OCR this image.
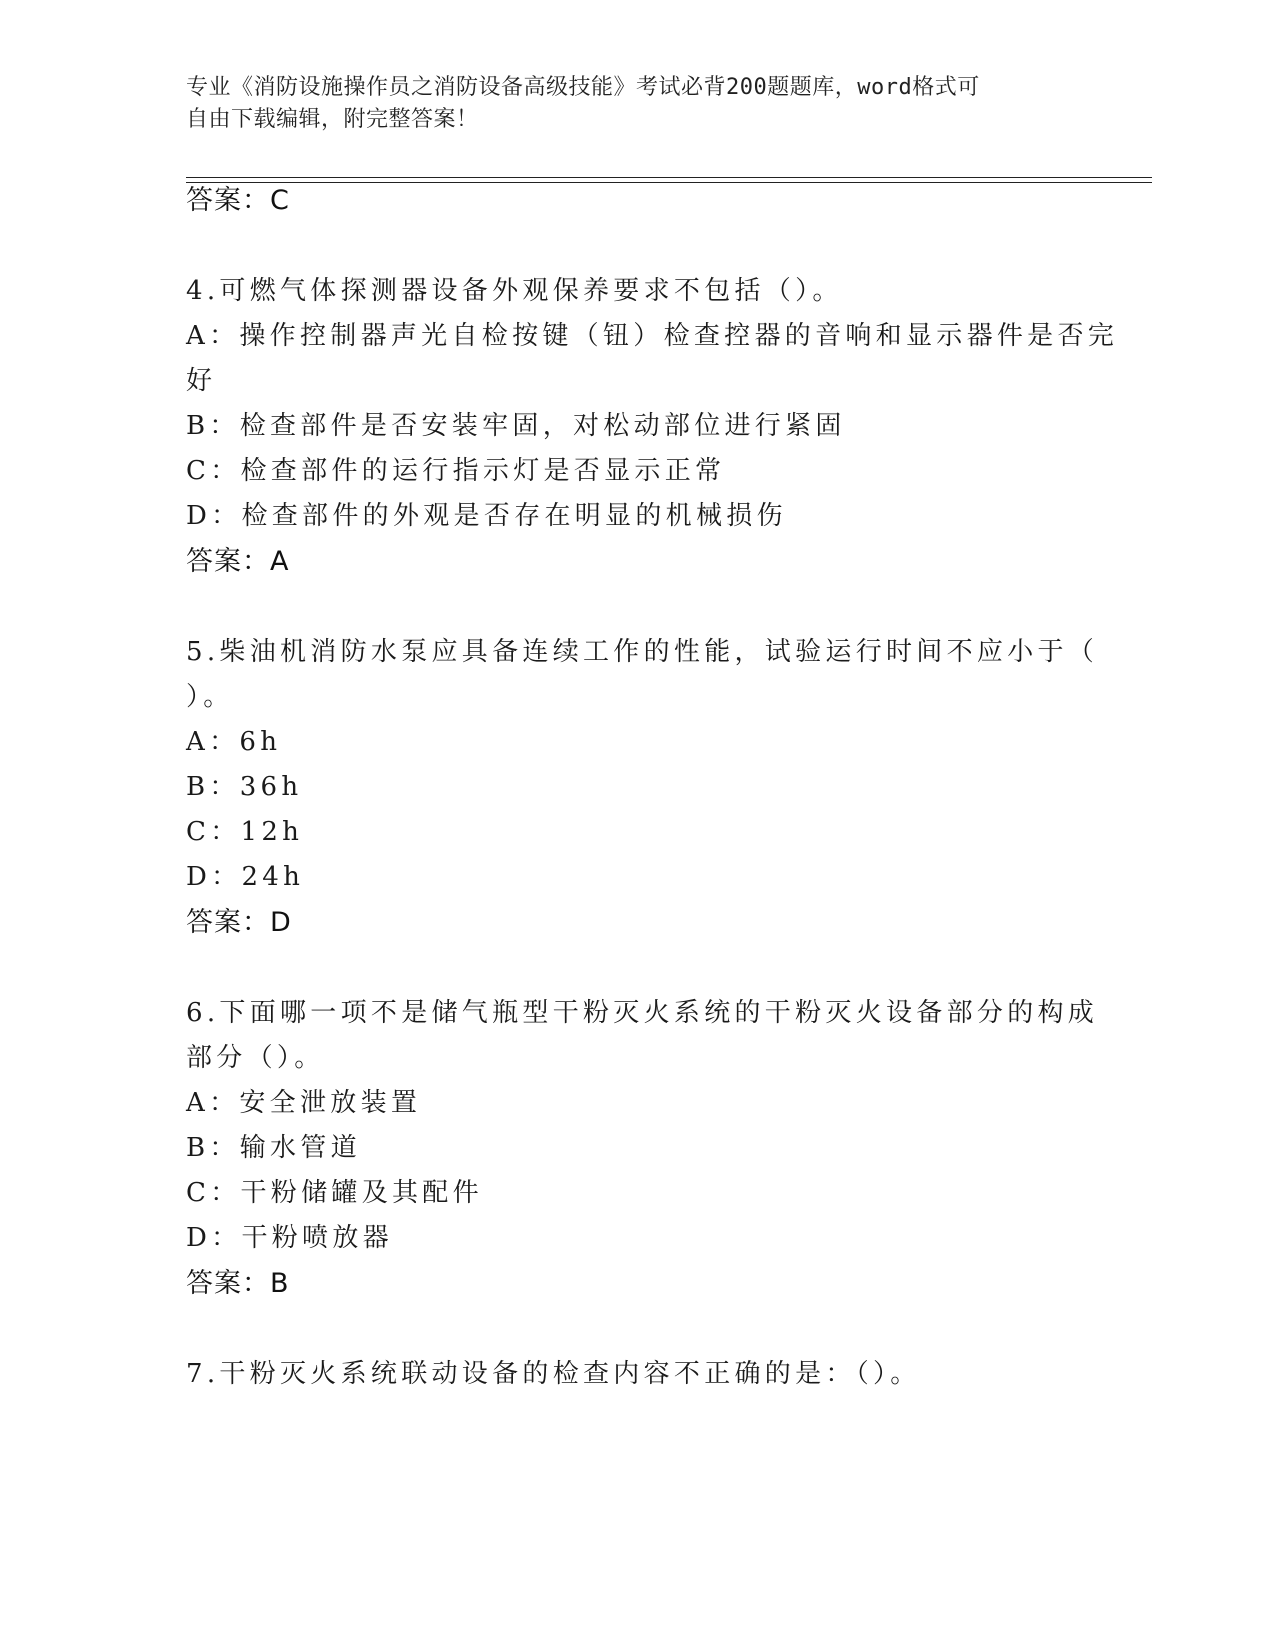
专业《消防设施操作员之消防设备高级技能》考试必背200题题库，word格式可
自由下载编辑，附完整答案！
答案：C
4.可燃气体探测器设备外观保养要求不包括（）。
A：操作控制器声光自检按键（钮）检查控器的音响和显示器件是否完
好
B：检查部件是否安装牢固，对松动部位进行紧固
C：检查部件的运行指示灯是否显示正常
D：检查部件的外观是否存在明显的机械损伤
答案：A
5.柴油机消防水泵应具备连续工作的性能，试验运行时间不应小于（
）。
A：6h
B：36h
C：12h
D：24h
答案：D
6.下面哪一项不是储气瓶型干粉灭火系统的干粉灭火设备部分的构成
部分（）。
A：安全泄放装置
B：输水管道
C：干粉储罐及其配件
D：干粉喷放器
答案：B
7.干粉灭火系统联动设备的检查内容不正确的是：（）。
